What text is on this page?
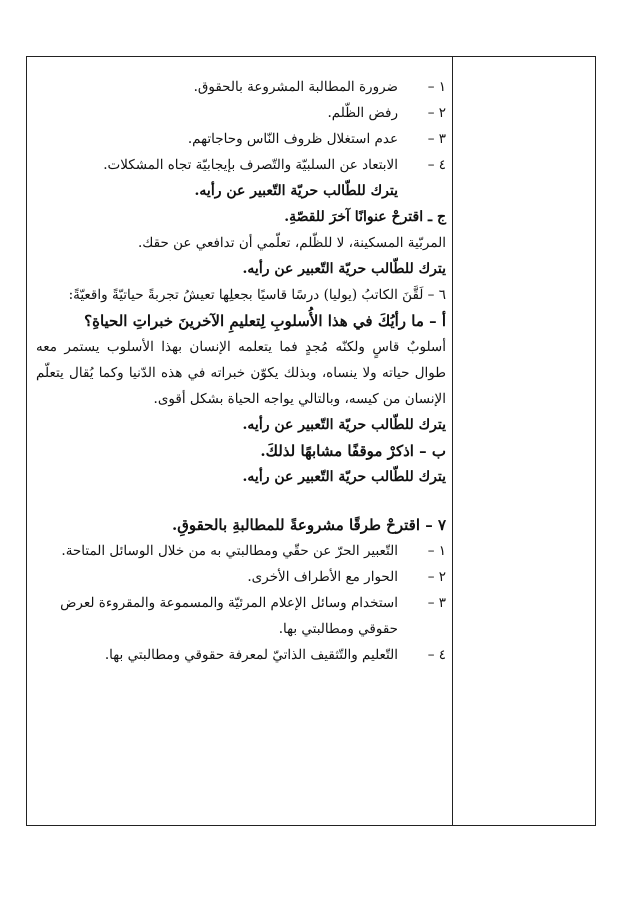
١ –ضرورة المطالبة المشروعة بالحقوق.
٢ –رفض الظّلم.
٣ –عدم استغلال ظروف النّاس وحاجاتهم.
٤ –الابتعاد عن السلبيّة والتّصرف بإيجابيّة تجاه المشكلات.
يترك للطّالب حريّة التّعبير عن رأيه.
ج ـ اقترحْ عنوانًا آخرَ للقصّةِ.
المربّية المسكينة، لا للظّلم، تعلّمي أن تدافعي عن حقك.
يترك للطّالب حريّة التّعبير عن رأيه.
٦ – لَقَّنَ الكاتبُ (يوليا) درسًا قاسيًا بجعلِها تعيشُ تجربةً حياتيّةً واقعيّةً:
أ – ما رأيُكَ في هذا الأُسلوبِ لِتعليمِ الآخرينَ خبراتِ الحياةِ؟
أسلوبٌ قاسٍ ولكنّه مُجدٍ فما يتعلمه الإنسان بهذا الأسلوب يستمر معه
طوال حياته ولا ينساه، وبذلك يكوّن خبراته في هذه الدّنيا وكما يُقال يتعلّم
الإنسان من كيسه، وبالتالي يواجه الحياة بشكل أقوى.
يترك للطّالب حريّة التّعبير عن رأيه.
ب – اذكرْ موقفًا مشابهًا لذلكَ.
يترك للطّالب حريّة التّعبير عن رأيه.
٧ – اقترحْ طرقًا مشروعةً للمطالبةِ بالحقوقِ.
١ –التّعبير الحرّ عن حقّي ومطالبتي به من خلال الوسائل المتاحة.
٢ –الحوار مع الأطراف الأخرى.
٣ –استخدام وسائل الإعلام المرئيّة والمسموعة والمقروءة لعرض
حقوقي ومطالبتي بها.
٤ –التّعليم والتّثقيف الذاتيّ لمعرفة حقوقي ومطالبتي بها.
